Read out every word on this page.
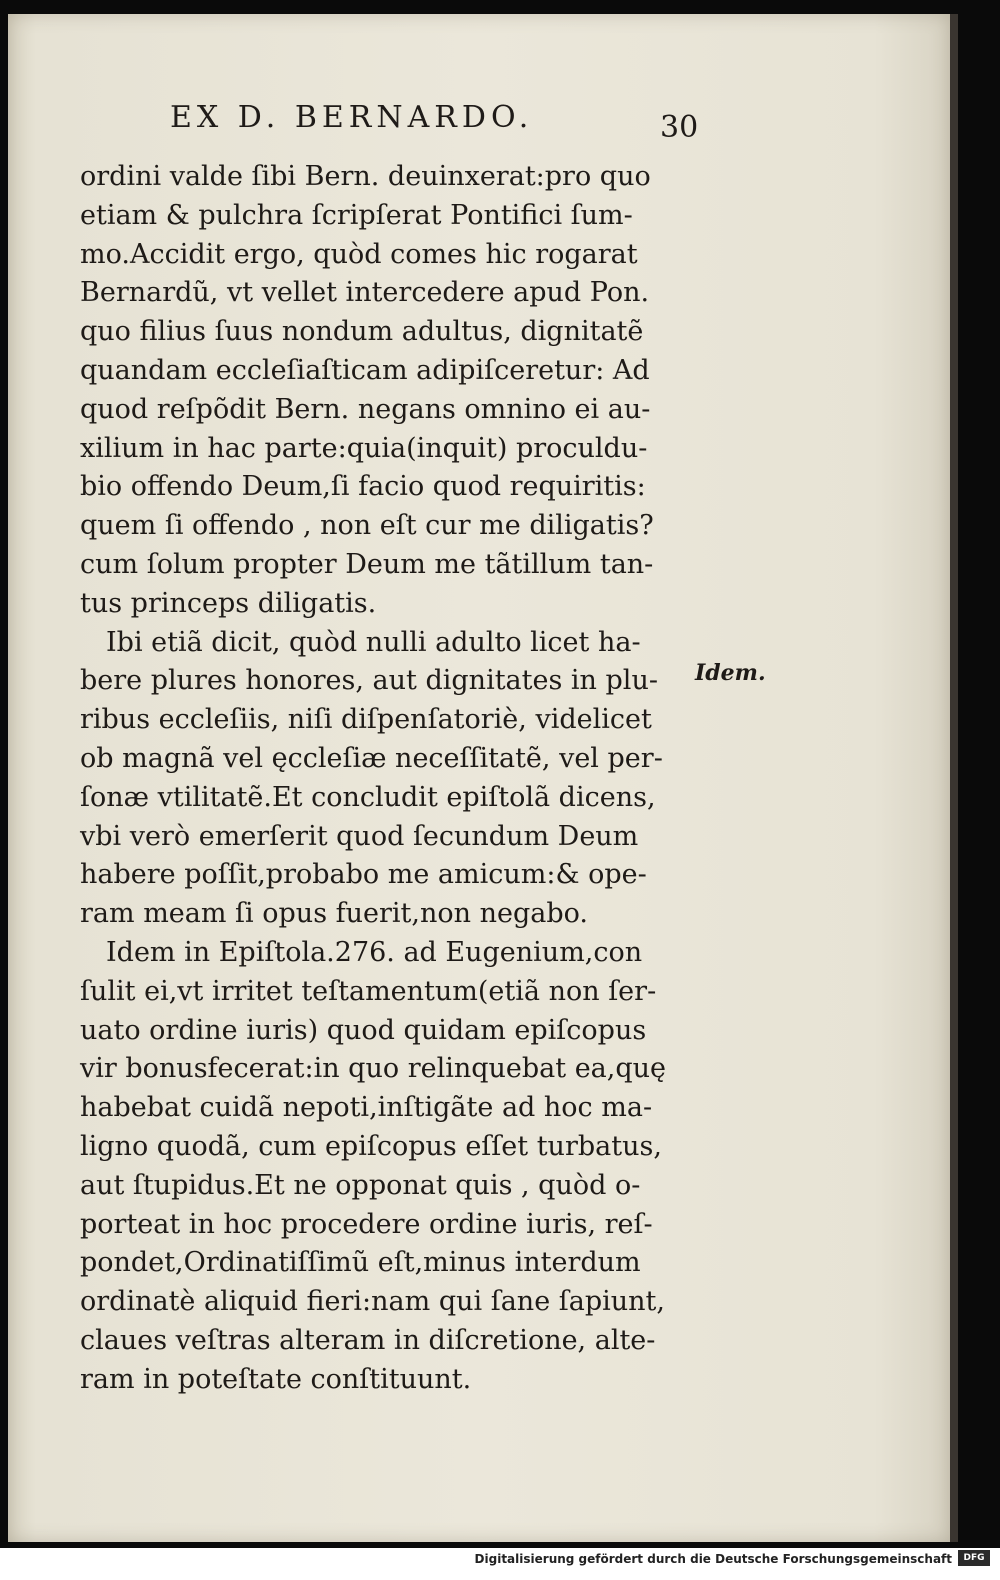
EX D. BERNARDO.	30
ordini valde ſibi Bern. deuinxerat:pro quo
etiam & pulchra ſcripſerat Pontifici ſum-
mo.Accidit ergo, quòd comes hic rogarat
Bernardũ, vt vellet intercedere apud Pon.
quo filius ſuus nondum adultus, dignitatẽ
quandam eccleſiaſticam adipiſceretur: Ad
quod reſpõdit Bern. negans omnino ei au-
xilium in hac parte:quia(inquit) proculdu-
bio offendo Deum,ſi facio quod requiritis:
quem ſi offendo , non eſt cur me diligatis?
cum ſolum propter Deum me tãtillum tan-
tus princeps diligatis.
Ibi etiã dicit, quòd nulli adulto licet ha-
bere plures honores, aut dignitates in plu-
ribus eccleſiis, niſi diſpenſatoriè, videlicet
ob magnã vel ęccleſiæ neceſſitatẽ, vel per-
ſonæ vtilitatẽ.Et concludit epiſtolã dicens,
vbi verò emerſerit quod ſecundum Deum
habere poſſit,probabo me amicum:& ope-
ram meam ſi opus fuerit,non negabo.
Idem in Epiſtola.276. ad Eugenium,con
ſulit ei,vt irritet teſtamentum(etiã non ſer-
uato ordine iuris) quod quidam epiſcopus
vir bonusfecerat:in quo relinquebat ea,quę
habebat cuidã nepoti,inſtigãte ad hoc ma-
ligno quodã, cum epiſcopus eſſet turbatus,
aut ſtupidus.Et ne opponat quis , quòd o-
porteat in hoc procedere ordine iuris, reſ-
pondet,Ordinatiſſimũ eſt,minus interdum
ordinatè aliquid fieri:nam qui ſane ſapiunt,
claues veſtras alteram in diſcretione, alte-
ram in poteſtate conſtituunt.
Idem.
Digitalisierung gefördert durch die Deutsche Forschungsgemeinschaft	DFG
